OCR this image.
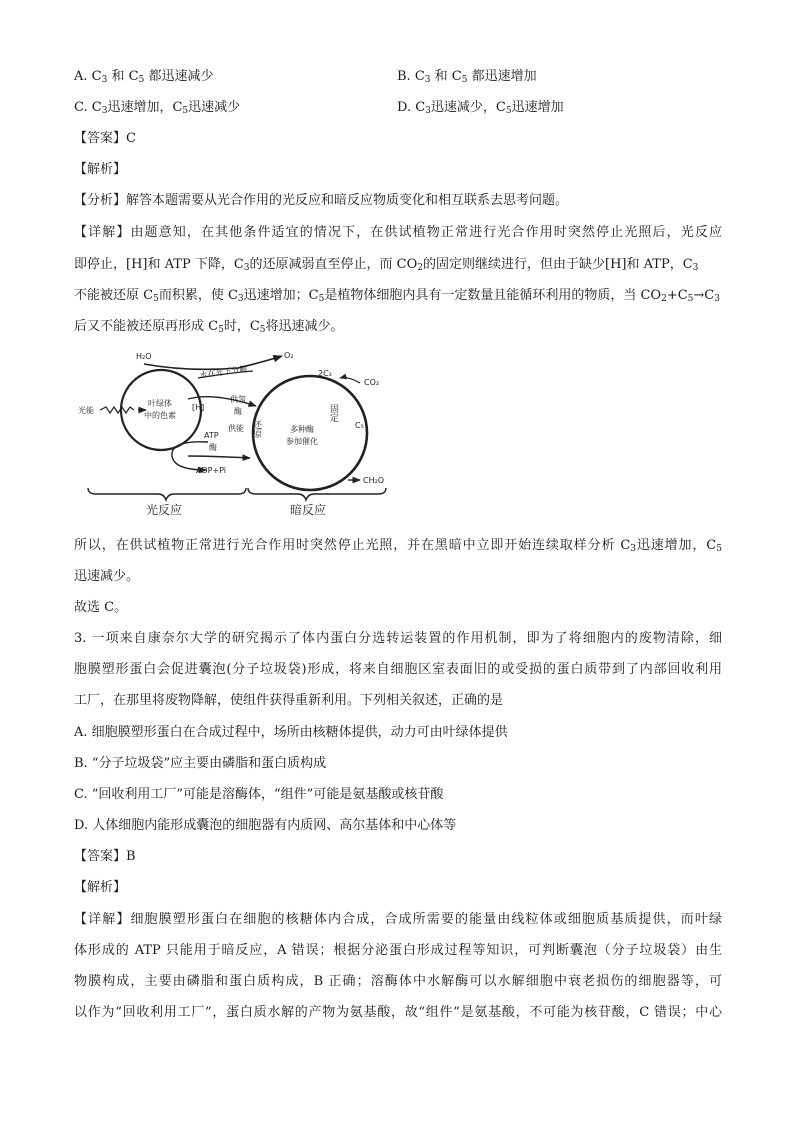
A. $C_3$ 和 $C_5$ 都迅速减少	B. $C_3$ 和 $C_5$ 都迅速增加
C. $C_3$迅速增加，$C_5$迅速减少	D. $C_3$迅速减少，$C_5$迅速增加
【答案】C
【解析】
【分析】解答本题需要从光合作用的光反应和暗反应物质变化和相互联系去思考问题。
【详解】由题意知，在其他条件适宜的情况下，在供试植物正常进行光合作用时突然停止光照后，光反应
即停止，[H]和 ATP 下降，$C_3$的还原减弱直至停止，而 $CO_2$的固定则继续进行，但由于缺少[H]和 ATP，$C_3$
不能被还原 $C_5$而积累，使 $C_3$迅速增加；$C_5$是植物体细胞内具有一定数量且能循环利用的物质，当 $CO_2+C_5\to C_3$
后又不能被还原再形成 $C_5$时，$C_5$将迅速减少。
H₂O	O₂
光能
叶绿体
中的色素
水在光下分解
[H]
供氢
酶
还原
ATP
酶
供能
ADP+Pi
2C₃
CO₂
固定
C₅
多种酶
参加催化
CH₂O
光反应	暗反应
所以，在供试植物正常进行光合作用时突然停止光照，并在黑暗中立即开始连续取样分析 $C_3$迅速增加，$C_5$
迅速减少。
故选 C。
3. 一项来自康奈尔大学的研究揭示了体内蛋白分选转运装置的作用机制，即为了将细胞内的废物清除，细
胞膜塑形蛋白会促进囊泡(分子垃圾袋)形成，将来自细胞区室表面旧的或受损的蛋白质带到了内部回收利用
工厂，在那里将废物降解，使组件获得重新利用。下列相关叙述，正确的是
A. 细胞膜塑形蛋白在合成过程中，场所由核糖体提供，动力可由叶绿体提供
B. “分子垃圾袋”应主要由磷脂和蛋白质构成
C. “回收利用工厂”可能是溶酶体，“组件”可能是氨基酸或核苷酸
D. 人体细胞内能形成囊泡的细胞器有内质网、高尔基体和中心体等
【答案】B
【解析】
【详解】细胞膜塑形蛋白在细胞的核糖体内合成，合成所需要的能量由线粒体或细胞质基质提供，而叶绿
体形成的 ATP 只能用于暗反应，A 错误；根据分泌蛋白形成过程等知识，可判断囊泡（分子垃圾袋）由生
物膜构成，主要由磷脂和蛋白质构成，B 正确；溶酶体中水解酶可以水解细胞中衰老损伤的细胞器等，可
以作为“回收利用工厂”，蛋白质水解的产物为氨基酸，故“组件”是氨基酸，不可能为核苷酸，C 错误；中心
